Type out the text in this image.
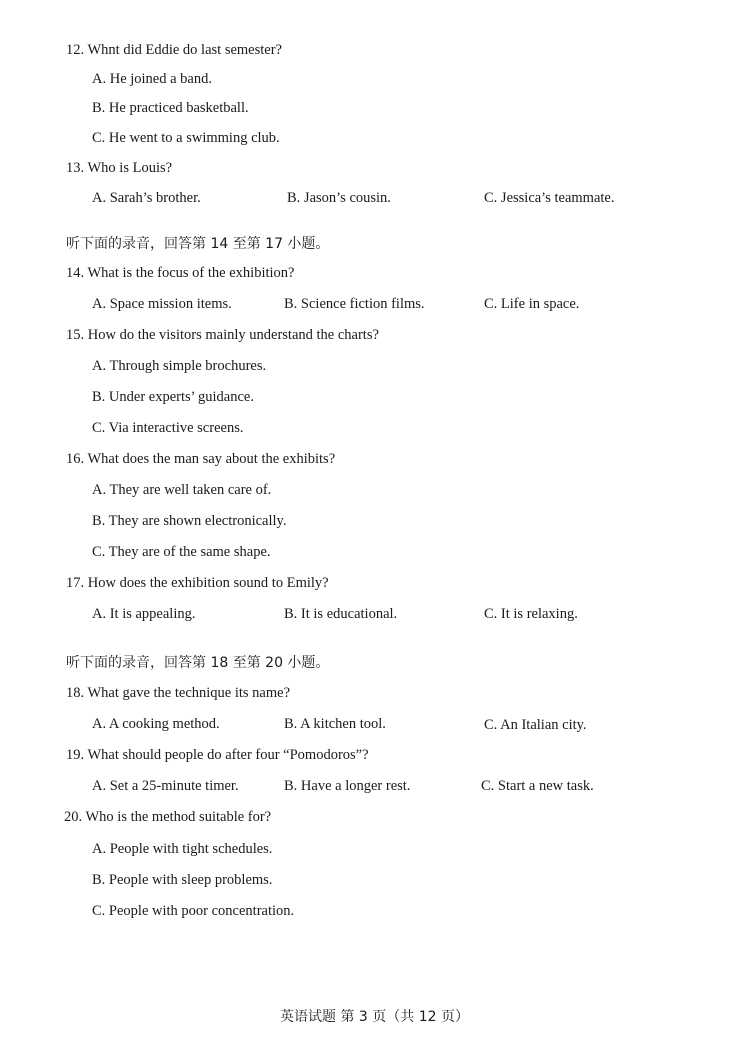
12. Whnt did Eddie do last semester?
A. He joined a band.
B. He practiced basketball.
C. He went to a swimming club.
13. Who is Louis?
A. Sarah’s brother.	B. Jason’s cousin.	C. Jessica’s teammate.
听下面的录音，回答第 14 至第 17 小题。
14. What is the focus of the exhibition?
A. Space mission items.	B. Science fiction films.	C. Life in space.
15. How do the visitors mainly understand the charts?
A. Through simple brochures.
B. Under experts’ guidance.
C. Via interactive screens.
16. What does the man say about the exhibits?
A. They are well taken care of.
B. They are shown electronically.
C. They are of the same shape.
17. How does the exhibition sound to Emily?
A. It is appealing.	B. It is educational.	C. It is relaxing.
听下面的录音，回答第 18 至第 20 小题。
18. What gave the technique its name?
A. A cooking method.	B. A kitchen tool.	C. An Italian city.
19. What should people do after four “Pomodoros”?
A. Set a 25-minute timer.	B. Have a longer rest.	C. Start a new task.
20. Who is the method suitable for?
A. People with tight schedules.
B. People with sleep problems.
C. People with poor concentration.
英语试题 第 3 页（共 12 页）
